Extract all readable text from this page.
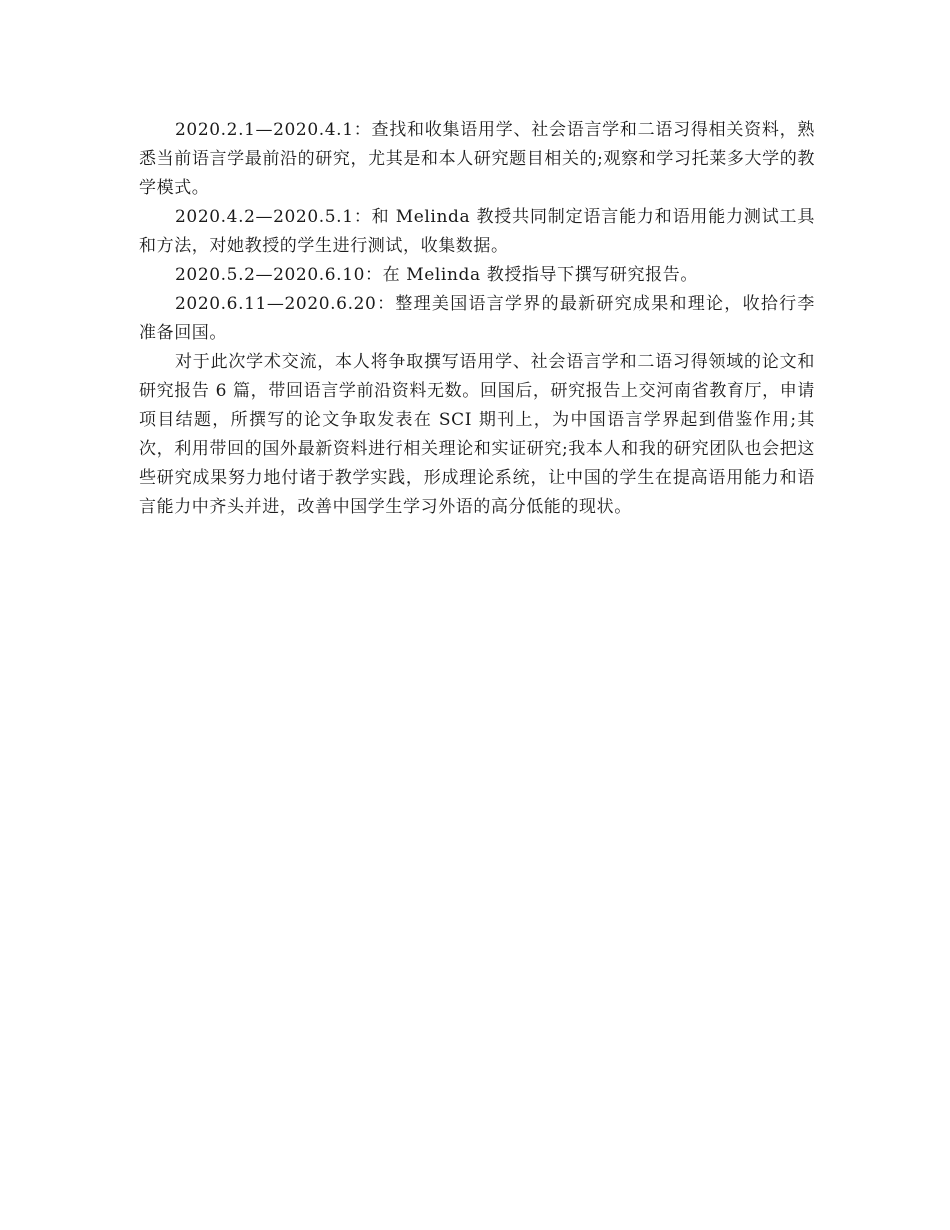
2020.2.1—2020.4.1：查找和收集语用学、社会语言学和二语习得相关资料，熟悉当前语言学最前沿的研究，尤其是和本人研究题目相关的;观察和学习托莱多大学的教学模式。

2020.4.2—2020.5.1：和 Melinda 教授共同制定语言能力和语用能力测试工具和方法，对她教授的学生进行测试，收集数据。

2020.5.2—2020.6.10：在 Melinda 教授指导下撰写研究报告。

2020.6.11—2020.6.20：整理美国语言学界的最新研究成果和理论，收拾行李准备回国。

对于此次学术交流，本人将争取撰写语用学、社会语言学和二语习得领域的论文和研究报告 6 篇，带回语言学前沿资料无数。回国后，研究报告上交河南省教育厅，申请项目结题，所撰写的论文争取发表在 SCI 期刊上，为中国语言学界起到借鉴作用;其次，利用带回的国外最新资料进行相关理论和实证研究;我本人和我的研究团队也会把这些研究成果努力地付诸于教学实践，形成理论系统，让中国的学生在提高语用能力和语言能力中齐头并进，改善中国学生学习外语的高分低能的现状。
